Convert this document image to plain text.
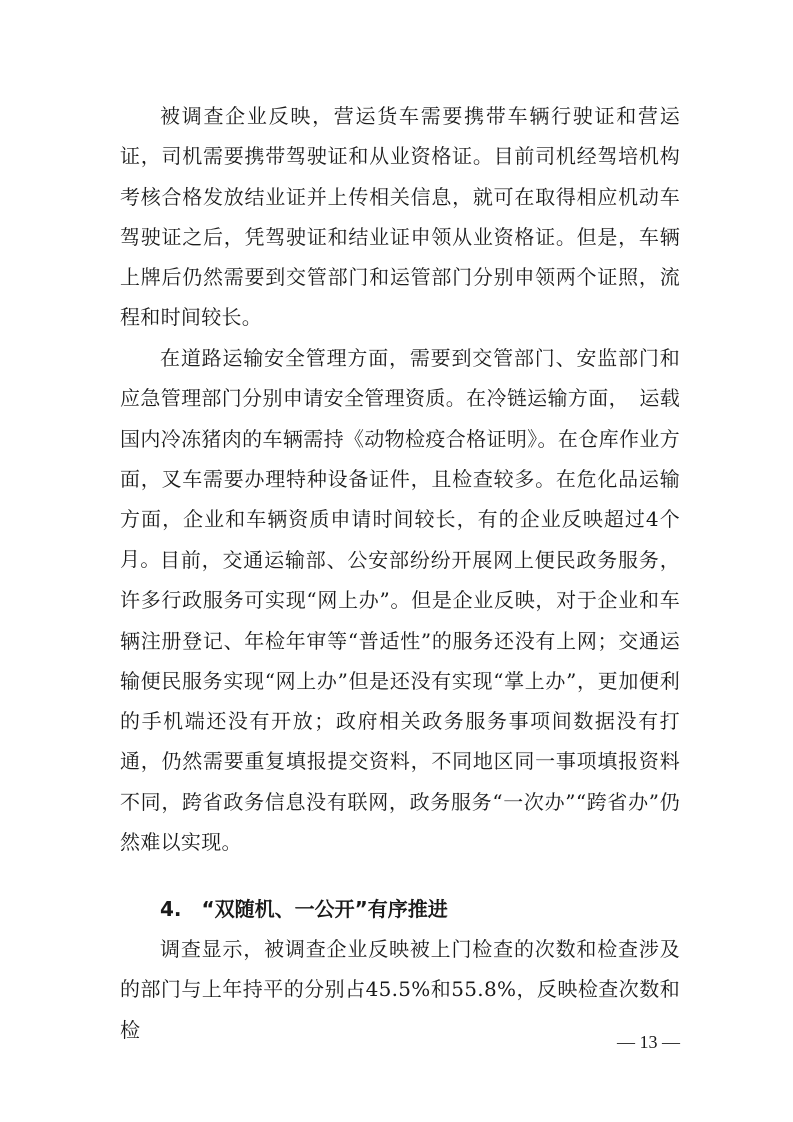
被调查企业反映，营运货车需要携带车辆行驶证和营运证，司机需要携带驾驶证和从业资格证。目前司机经驾培机构考核合格发放结业证并上传相关信息，就可在取得相应机动车驾驶证之后，凭驾驶证和结业证申领从业资格证。但是，车辆上牌后仍然需要到交管部门和运管部门分别申领两个证照，流程和时间较长。

在道路运输安全管理方面，需要到交管部门、安监部门和应急管理部门分别申请安全管理资质。在冷链运输方面，　运载国内冷冻猪肉的车辆需持《动物检疫合格证明》。在仓库作业方面，叉车需要办理特种设备证件，且检查较多。在危化品运输方面，企业和车辆资质申请时间较长，有的企业反映超过4个月。 目前，交通运输部、公安部纷纷开展网上便民政务服务，许多行政服务可实现“网上办”。但是企业反映，对于企业和车辆注册登记、年检年审等“普适性”的服务还没有上网；交通运输便民服务实现“网上办”但是还没有实现“掌上办”，更加便利的手机端还没有开放；政府相关政务服务事项间数据没有打通，仍然需要重复填报提交资料，不同地区同一事项填报资料不同，跨省政务信息没有联网，政务服务“一次办”“跨省办”仍然难以实现。

4.　“双随机、一公开”有序推进

调查显示，被调查企业反映被上门检查的次数和检查涉及的部门与上年持平的分别占45.5%和55.8%，反映检查次数和检

— 13 —
